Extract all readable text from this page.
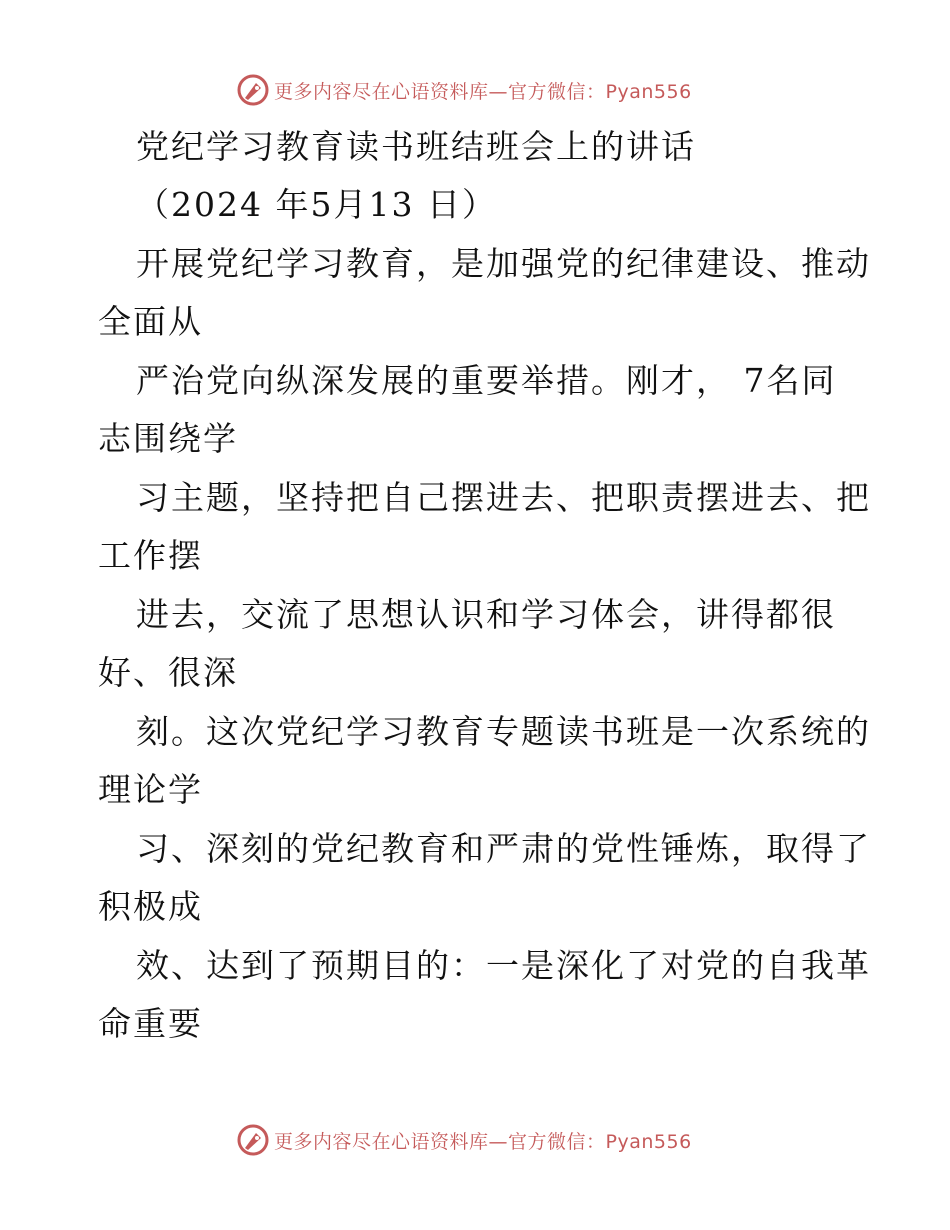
更多内容尽在心语资料库—官方微信：Pyan556
党纪学习教育读书班结班会上的讲话
（2024 年5月13 日）
开展党纪学习教育，是加强党的纪律建设、推动
全面从
严治党向纵深发展的重要举措。刚才， 7名同
志围绕学
习主题，坚持把自己摆进去、把职责摆进去、把
工作摆
进去，交流了思想认识和学习体会，讲得都很
好、很深
刻。这次党纪学习教育专题读书班是一次系统的
理论学
习、深刻的党纪教育和严肃的党性锤炼，取得了
积极成
效、达到了预期目的：一是深化了对党的自我革
命重要
更多内容尽在心语资料库—官方微信：Pyan556
